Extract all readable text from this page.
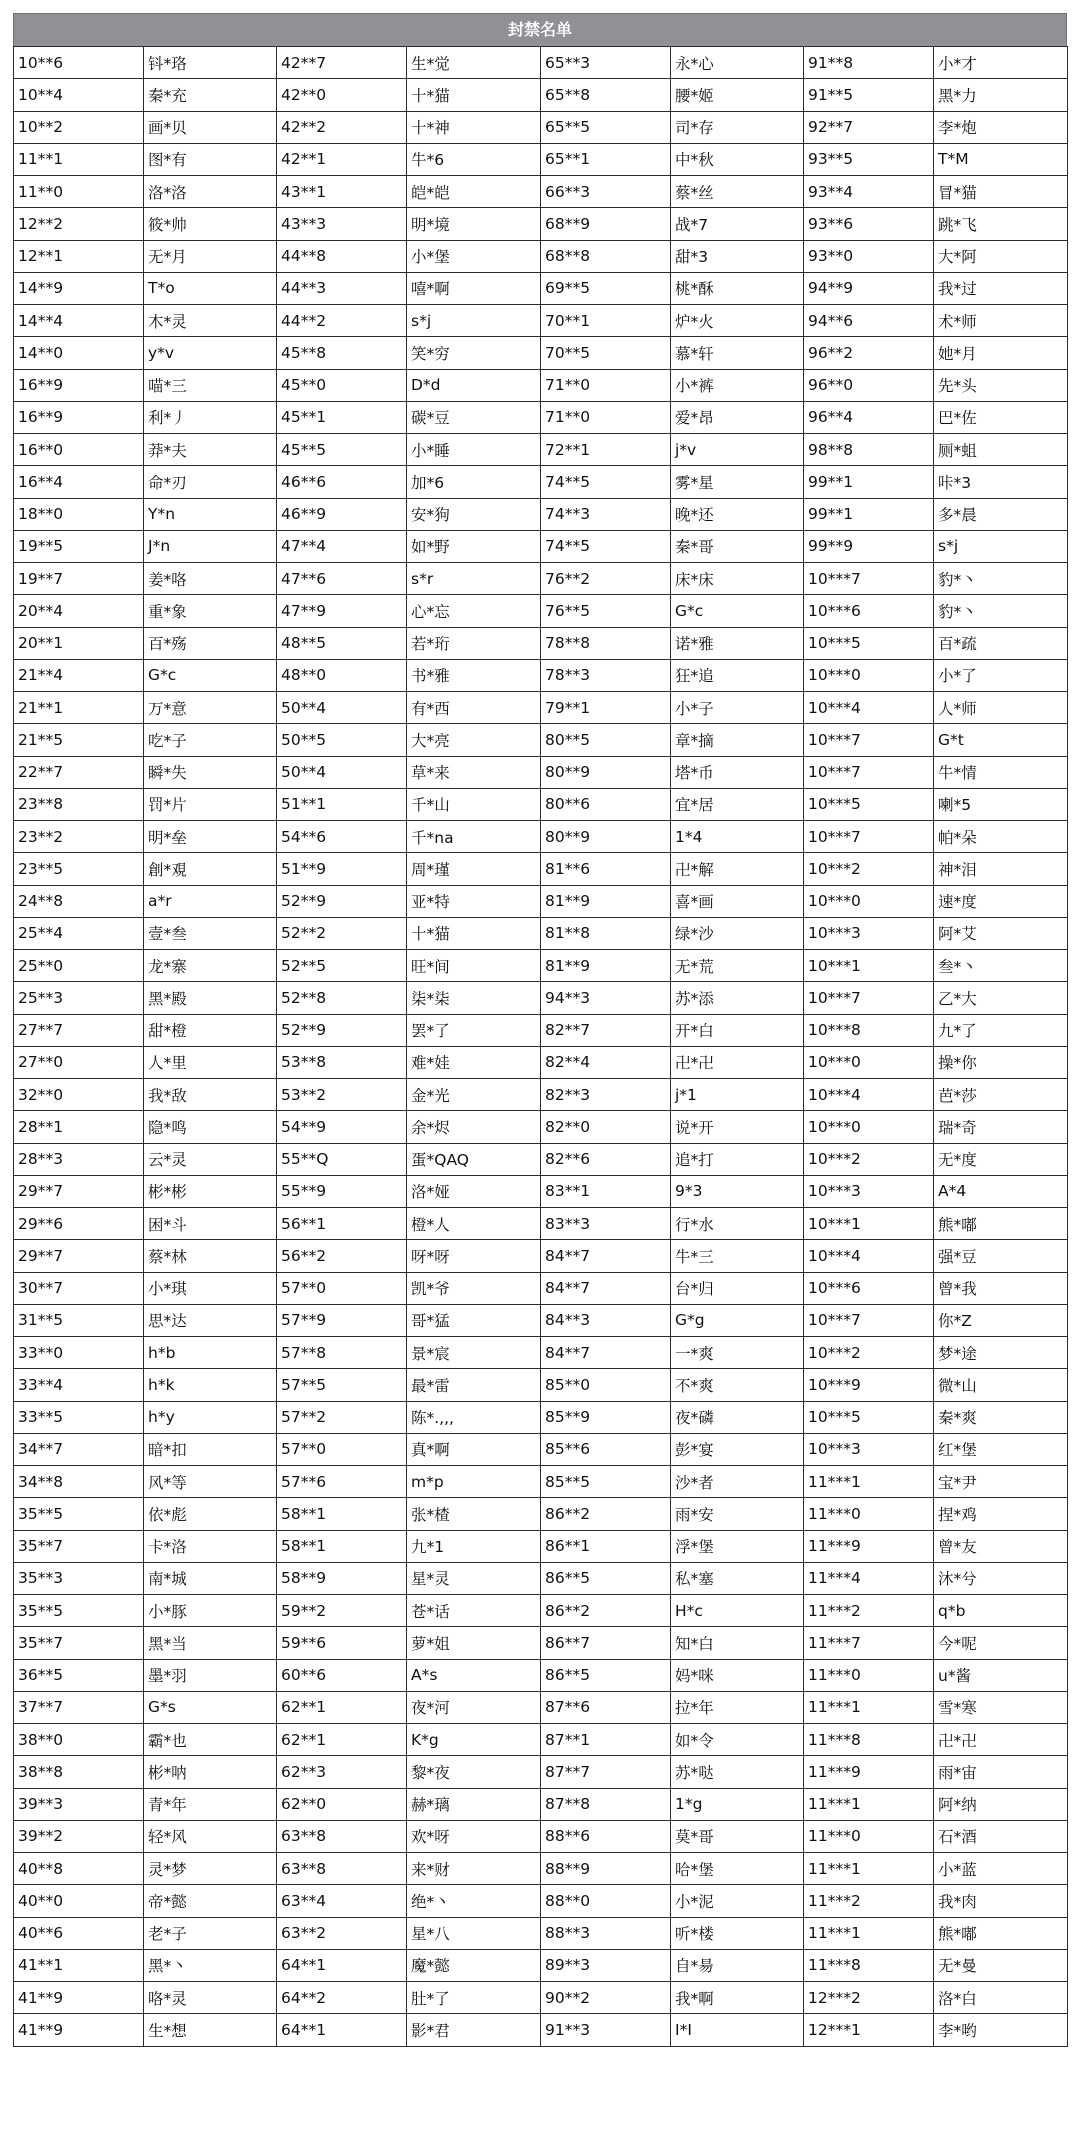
封禁名单
10**6	钭*珞	42**7	生*觉	65**3	永*心	91**8	小*才
10**4	秦*充	42**0	十*猫	65**8	腰*姬	91**5	黑*力
10**2	画*贝	42**2	十*神	65**5	司*存	92**7	李*炮
11**1	图*有	42**1	牛*6	65**1	中*秋	93**5	T*M
11**0	洛*洛	43**1	皑*皑	66**3	蔡*丝	93**4	冒*猫
12**2	筱*帅	43**3	明*境	68**9	战*7	93**6	跳*飞
12**1	无*月	44**8	小*堡	68**8	甜*3	93**0	大*阿
14**9	T*o	44**3	嘻*啊	69**5	桃*酥	94**9	我*过
14**4	木*灵	44**2	s*j	70**1	炉*火	94**6	术*师
14**0	y*v	45**8	笑*穷	70**5	慕*轩	96**2	她*月
16**9	喵*三	45**0	D*d	71**0	小*裤	96**0	先*头
16**9	利*丿	45**1	碳*豆	71**0	爱*昂	96**4	巴*佐
16**0	莽*夫	45**5	小*睡	72**1	j*v	98**8	厕*蛆
16**4	命*刃	46**6	加*6	74**5	雾*星	99**1	咔*3
18**0	Y*n	46**9	安*狗	74**3	晚*还	99**1	多*晨
19**5	J*n	47**4	如*野	74**5	秦*哥	99**9	s*j
19**7	姜*咯	47**6	s*r	76**2	床*床	10***7	豹*丶
20**4	重*象	47**9	心*忘	76**5	G*c	10***6	豹*丶
20**1	百*殇	48**5	若*珩	78**8	诺*雅	10***5	百*疏
21**4	G*c	48**0	书*雅	78**3	狂*追	10***0	小*了
21**1	万*意	50**4	有*西	79**1	小*子	10***4	人*师
21**5	吃*子	50**5	大*亮	80**5	章*摘	10***7	G*t
22**7	瞬*失	50**4	草*来	80**9	塔*币	10***7	牛*情
23**8	罚*片	51**1	千*山	80**6	宜*居	10***5	喇*5
23**2	明*垒	54**6	千*na	80**9	1*4	10***7	帕*朵
23**5	創*覌	51**9	周*瑾	81**6	卍*解	10***2	神*泪
24**8	a*r	52**9	亚*特	81**9	喜*画	10***0	速*度
25**4	壹*叁	52**2	十*猫	81**8	绿*沙	10***3	阿*艾
25**0	龙*寨	52**5	旺*间	81**9	无*荒	10***1	叁*丶
25**3	黑*殿	52**8	柒*柒	94**3	苏*添	10***7	乙*大
27**7	甜*橙	52**9	罢*了	82**7	开*白	10***8	九*了
27**0	人*里	53**8	难*娃	82**4	卍*卍	10***0	操*你
32**0	我*敌	53**2	金*光	82**3	j*1	10***4	芭*莎
28**1	隐*鸣	54**9	余*烬	82**0	说*开	10***0	瑞*奇
28**3	云*灵	55**Q	蛋*QAQ	82**6	追*打	10***2	无*度
29**7	彬*彬	55**9	洛*娅	83**1	9*3	10***3	A*4
29**6	困*斗	56**1	橙*人	83**3	行*水	10***1	熊*嘟
29**7	蔡*林	56**2	呀*呀	84**7	牛*三	10***4	强*豆
30**7	小*琪	57**0	凯*爷	84**7	台*归	10***6	曾*我
31**5	思*达	57**9	哥*猛	84**3	G*g	10***7	你*Z
33**0	h*b	57**8	景*宸	84**7	一*爽	10***2	梦*途
33**4	h*k	57**5	最*雷	85**0	不*爽	10***9	微*山
33**5	h*y	57**2	陈*.,,,	85**9	夜*磷	10***5	秦*爽
34**7	暗*扣	57**0	真*啊	85**6	彭*宴	10***3	红*堡
34**8	风*等	57**6	m*p	85**5	沙*者	11***1	宝*尹
35**5	依*彪	58**1	张*楂	86**2	雨*安	11***0	捏*鸡
35**7	卡*洛	58**1	九*1	86**1	浮*堡	11***9	曾*友
35**3	南*城	58**9	星*灵	86**5	私*塞	11***4	沐*兮
35**5	小*豚	59**2	苍*话	86**2	H*c	11***2	q*b
35**7	黑*当	59**6	萝*姐	86**7	知*白	11***7	今*呢
36**5	墨*羽	60**6	A*s	86**5	妈*咪	11***0	u*酱
37**7	G*s	62**1	夜*河	87**6	拉*年	11***1	雪*寒
38**0	霸*也	62**1	K*g	87**1	如*令	11***8	卍*卍
38**8	彬*呐	62**3	黎*夜	87**7	苏*哒	11***9	雨*宙
39**3	青*年	62**0	赫*璃	87**8	1*g	11***1	阿*纳
39**2	轻*风	63**8	欢*呀	88**6	莫*哥	11***0	石*酒
40**8	灵*梦	63**8	来*财	88**9	哈*堡	11***1	小*蓝
40**0	帝*懿	63**4	绝*丶	88**0	小*泥	11***2	我*肉
40**6	老*子	63**2	星*八	88**3	听*楼	11***1	熊*嘟
41**1	黑*丶	64**1	魔*懿	89**3	自*昜	11***8	无*曼
41**9	咯*灵	64**2	肚*了	90**2	我*啊	12***2	洛*白
41**9	生*想	64**1	影*君	91**3	I*I	12***1	李*哟
